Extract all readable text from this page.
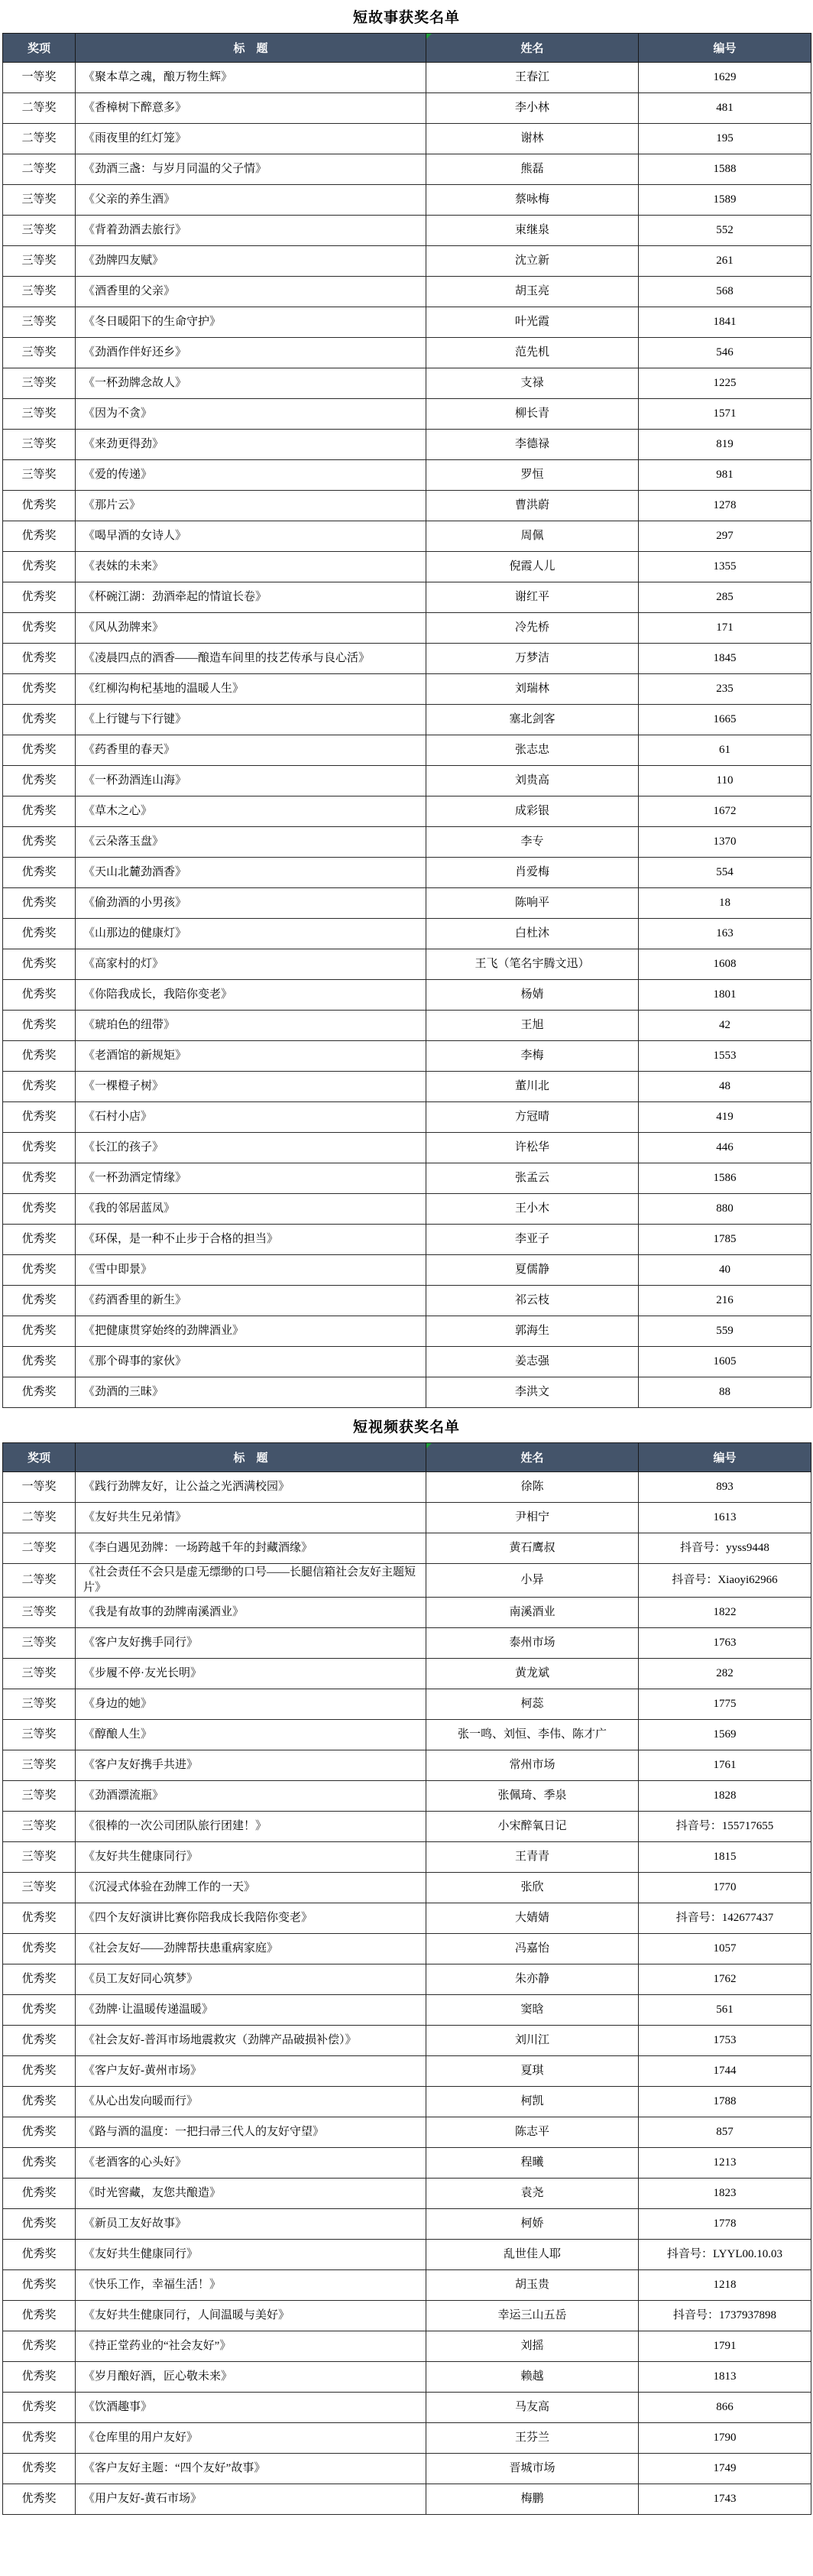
短故事获奖名单
奖项	标　题	姓名	编号
一等奖	《聚本草之魂，酿万物生辉》	王春江	1629
二等奖	《香樟树下醉意多》	李小林	481
二等奖	《雨夜里的红灯笼》	谢林	195
二等奖	《劲酒三盏：与岁月同温的父子情》	熊磊	1588
三等奖	《父亲的养生酒》	蔡咏梅	1589
三等奖	《背着劲酒去旅行》	束继泉	552
三等奖	《劲牌四友赋》	沈立新	261
三等奖	《酒香里的父亲》	胡玉亮	568
三等奖	《冬日暖阳下的生命守护》	叶光霞	1841
三等奖	《劲酒作伴好还乡》	范先机	546
三等奖	《一杯劲牌念故人》	支禄	1225
三等奖	《因为不贪》	柳长青	1571
三等奖	《来劲更得劲》	李德禄	819
三等奖	《爱的传递》	罗恒	981
优秀奖	《那片云》	曹洪蔚	1278
优秀奖	《喝早酒的女诗人》	周佩	297
优秀奖	《表妹的未来》	倪霞人儿	1355
优秀奖	《杯碗江湖：劲酒牵起的情谊长卷》	谢红平	285
优秀奖	《风从劲牌来》	冷先桥	171
优秀奖	《凌晨四点的酒香——酿造车间里的技艺传承与良心活》	万梦洁	1845
优秀奖	《红柳沟枸杞基地的温暖人生》	刘瑞林	235
优秀奖	《上行键与下行键》	塞北剑客	1665
优秀奖	《药香里的春天》	张志忠	61
优秀奖	《一杯劲酒连山海》	刘贵高	110
优秀奖	《草木之心》	成彩银	1672
优秀奖	《云朵落玉盘》	李专	1370
优秀奖	《天山北麓劲酒香》	肖爱梅	554
优秀奖	《偷劲酒的小男孩》	陈响平	18
优秀奖	《山那边的健康灯》	白杜沐	163
优秀奖	《高家村的灯》	王飞（笔名宇腾文迅）	1608
优秀奖	《你陪我成长，我陪你变老》	杨婧	1801
优秀奖	《琥珀色的纽带》	王旭	42
优秀奖	《老酒馆的新规矩》	李梅	1553
优秀奖	《一棵橙子树》	董川北	48
优秀奖	《石村小店》	方冠晴	419
优秀奖	《长江的孩子》	许松华	446
优秀奖	《一杯劲酒定情缘》	张孟云	1586
优秀奖	《我的邻居蓝凤》	王小木	880
优秀奖	《环保，是一种不止步于合格的担当》	李亚子	1785
优秀奖	《雪中即景》	夏儒静	40
优秀奖	《药酒香里的新生》	祁云枝	216
优秀奖	《把健康贯穿始终的劲牌酒业》	郭海生	559
优秀奖	《那个碍事的家伙》	姜志强	1605
优秀奖	《劲酒的三昧》	李洪文	88
短视频获奖名单
奖项	标　题	姓名	编号
一等奖	《践行劲牌友好，让公益之光洒满校园》	徐陈	893
二等奖	《友好共生兄弟情》	尹相宁	1613
二等奖	《李白遇见劲牌：一场跨越千年的封藏酒缘》	黄石鹰叔	抖音号：yyss9448
二等奖	《社会责任不会只是虚无缥缈的口号——长腿信箱社会友好主题短片》	小异	抖音号：Xiaoyi62966
三等奖	《我是有故事的劲牌南溪酒业》	南溪酒业	1822
三等奖	《客户友好携手同行》	泰州市场	1763
三等奖	《步履不停·友光长明》	黄龙斌	282
三等奖	《身边的她》	柯蕊	1775
三等奖	《醇酿人生》	张一鸣、刘恒、李伟、陈才广	1569
三等奖	《客户友好携手共进》	常州市场	1761
三等奖	《劲酒漂流瓶》	张佩琦、季泉	1828
三等奖	《很棒的一次公司团队旅行团建！》	小宋醉氧日记	抖音号：155717655
三等奖	《友好共生健康同行》	王青青	1815
三等奖	《沉浸式体验在劲牌工作的一天》	张欣	1770
优秀奖	《四个友好演讲比赛你陪我成长我陪你变老》	大婧婧	抖音号：142677437
优秀奖	《社会友好——劲牌帮扶患重病家庭》	冯嘉怡	1057
优秀奖	《员工友好同心筑梦》	朱亦静	1762
优秀奖	《劲牌·让温暖传递温暖》	窦晗	561
优秀奖	《社会友好-普洱市场地震救灾（劲牌产品破损补偿）》	刘川江	1753
优秀奖	《客户友好-黄州市场》	夏琪	1744
优秀奖	《从心出发向暖而行》	柯凯	1788
优秀奖	《路与酒的温度：一把扫帚三代人的友好守望》	陈志平	857
优秀奖	《老酒客的心头好》	程曦	1213
优秀奖	《时光窖藏，友您共酿造》	袁尧	1823
优秀奖	《新员工友好故事》	柯娇	1778
优秀奖	《友好共生健康同行》	乱世佳人耶	抖音号：LYYL00.10.03
优秀奖	《快乐工作，幸福生活！》	胡玉贵	1218
优秀奖	《友好共生健康同行，人间温暖与美好》	幸运三山五岳	抖音号：1737937898
优秀奖	《持正堂药业的“社会友好”》	刘摇	1791
优秀奖	《岁月酿好酒，匠心敬未来》	赖越	1813
优秀奖	《饮酒趣事》	马友高	866
优秀奖	《仓库里的用户友好》	王芬兰	1790
优秀奖	《客户友好主题：“四个友好”故事》	晋城市场	1749
优秀奖	《用户友好-黄石市场》	梅鹏	1743
